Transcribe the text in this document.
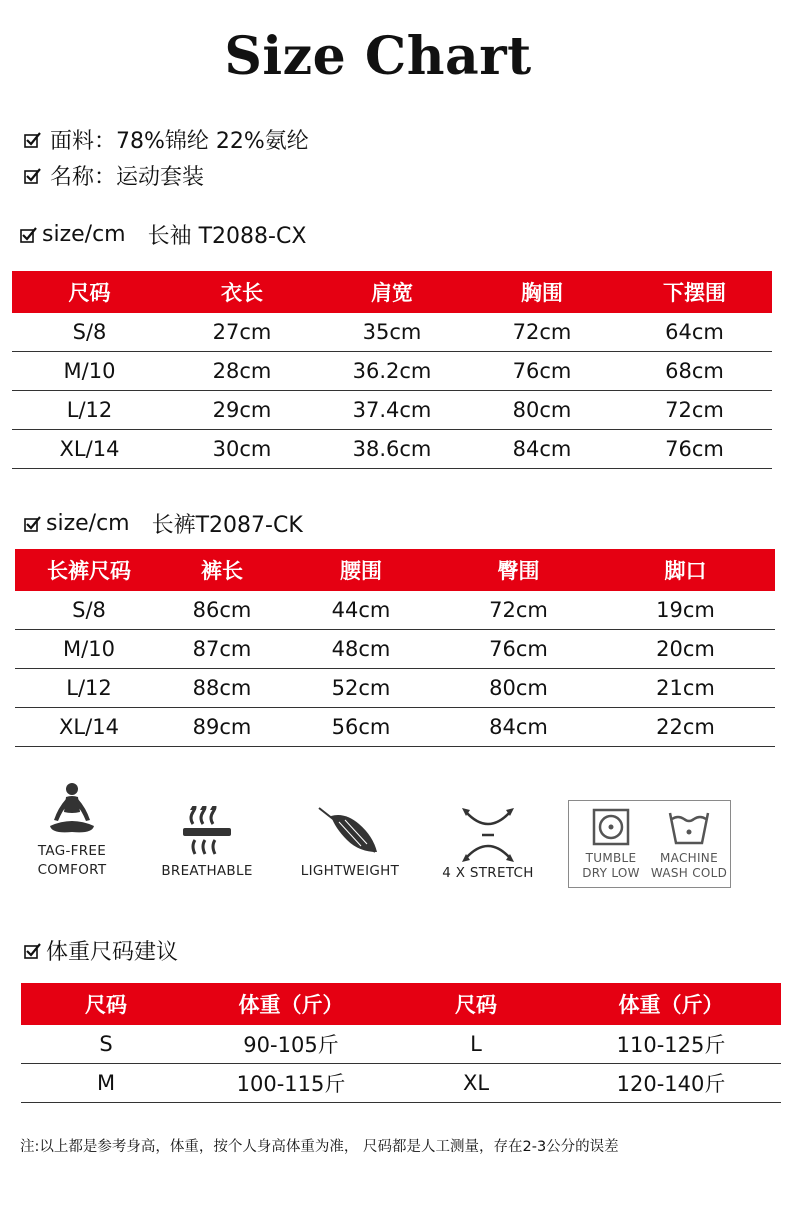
Size Chart
面料：78%锦纶 22%氨纶
名称：运动套装
size/cm 长袖 T2088-CX
尺码	衣长	肩宽	胸围	下摆围
S/8	27cm	35cm	72cm	64cm
M/10	28cm	36.2cm	76cm	68cm
L/12	29cm	37.4cm	80cm	72cm
XL/14	30cm	38.6cm	84cm	76cm
size/cm 长裤T2087-CK
长裤尺码	裤长	腰围	臀围	脚口
S/8	86cm	44cm	72cm	19cm
M/10	87cm	48cm	76cm	20cm
L/12	88cm	52cm	80cm	21cm
XL/14	89cm	56cm	84cm	22cm
TAG-FREE
COMFORT	BREATHABLE	LIGHTWEIGHT	4 X STRETCH
TUMBLE
DRY LOW
MACHINE
WASH COLD
体重尺码建议
尺码	体重（斤）	尺码	体重（斤）
S	90-105斤	L	110-125斤
M	100-115斤	XL	120-140斤
注:以上都是参考身高，体重，按个人身高体重为准， 尺码都是人工测量，存在2-3公分的误差
